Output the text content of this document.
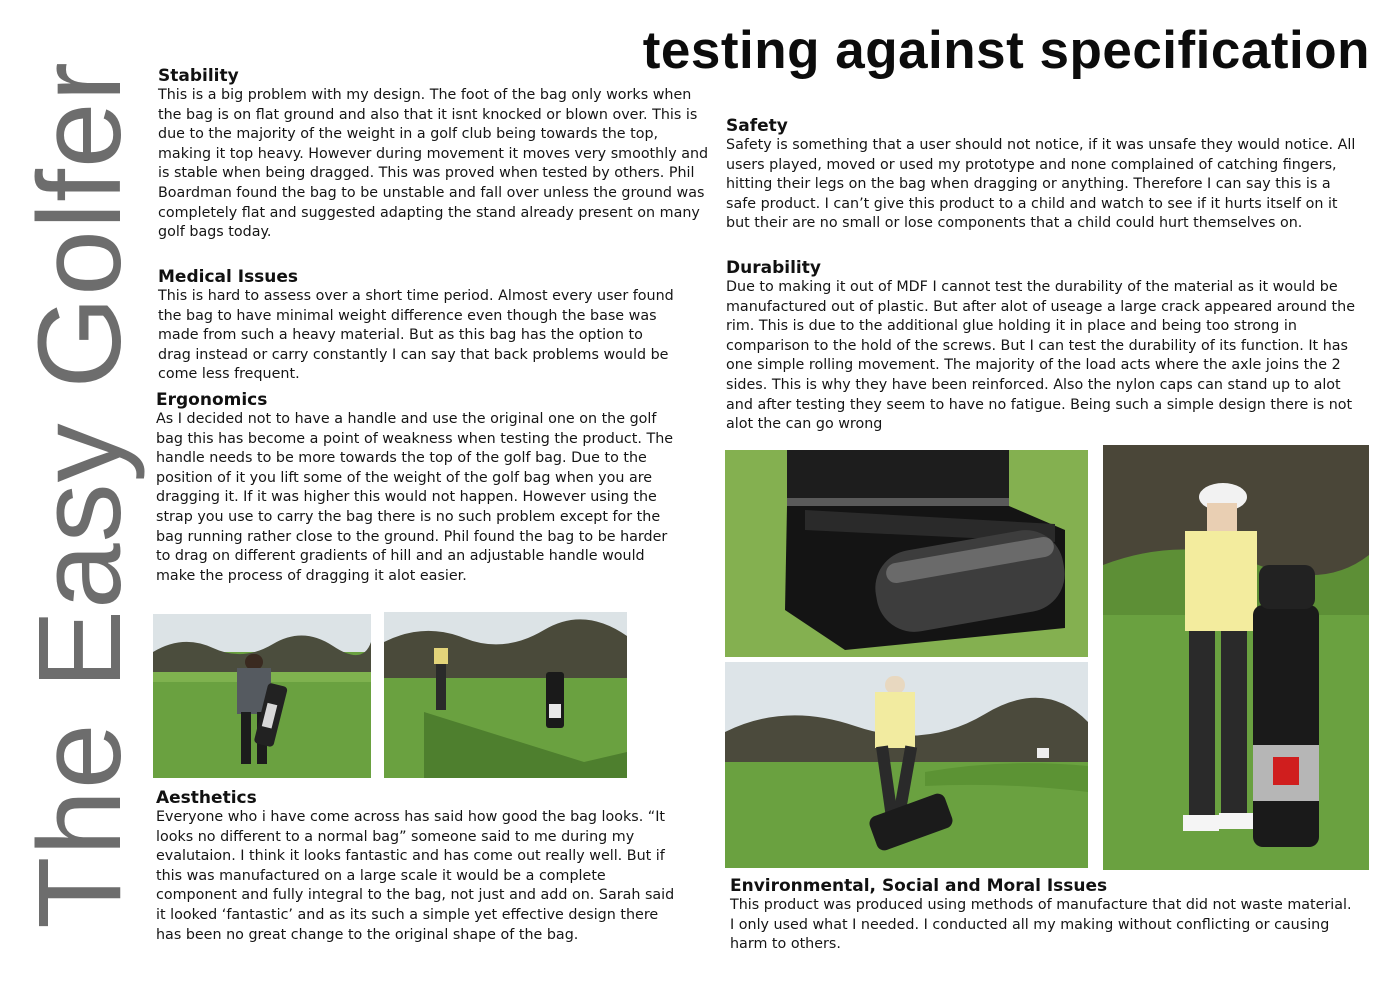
The Easy Golfer
testing against specification
Stability

This is a big problem with my design. The foot of the bag only works when the bag is on flat ground and also that it isnt knocked or blown over. This is due to the majority of the weight in a golf club being towards the top, making it top heavy. However during movement it moves very smoothly and is stable when being dragged. This was proved when tested by others. Phil Boardman found the bag to be unstable and fall over unless the ground was completely flat and suggested adapting the stand already present on many golf bags today.

Medical Issues

This is hard to assess over a short time period. Almost every user found the bag to have minimal weight difference even though the base was made from such a heavy material. But as this bag has the option to drag instead or carry constantly I can say that back problems would be come less frequent.

Ergonomics

As I decided not to have a handle and use the original one on the golf bag this has become a point of weakness when testing the product. The handle needs to be more towards the top of the golf bag. Due to the position of it you lift some of the weight of the golf bag when you are dragging it. If it was higher this would not happen. However using the strap you use to carry the bag there is no such problem except for the bag running rather close to the ground. Phil found the bag to be harder to drag on different gradients of hill and an adjustable handle would make the process of dragging it alot easier.

Aesthetics

Everyone who i have come across has said how good the bag looks. “It looks no different to a normal bag” someone said to me during my evalutaion. I think it looks fantastic and has come out really well. But if this was manufactured on a large scale it would be a complete component and fully integral to the bag, not just and add on. Sarah said it looked ‘fantastic’ and as its such a simple yet effective design there has been no great change to the original shape of the bag.

Safety

Safety is something that a user should not notice, if it was unsafe they would notice. All users played, moved or used my prototype and none complained of catching fingers, hitting their legs on the bag when dragging or anything. Therefore I can say this is a safe product. I can’t give this product to a child and watch to see if it hurts itself on it but their are no small or lose components that a child could hurt themselves on.

Durability

Due to making it out of MDF I cannot test the durability of the material as it would be manufactured out of plastic. But after alot of useage a large crack appeared around the rim. This is due to the additional glue holding it in place and being too strong in comparison to the hold of the screws. But I can test the durability of its function. It has one simple rolling movement. The majority of the load acts where the axle joins the 2 sides. This is why they have been reinforced. Also the nylon caps can stand up to alot and after testing they seem to have no fatigue. Being such a simple design there is not alot the can go wrong

Environmental, Social and Moral Issues

This product was produced using methods of manufacture that did not waste material. I only used what I needed. I conducted all my making without conflicting or causing harm to others.
